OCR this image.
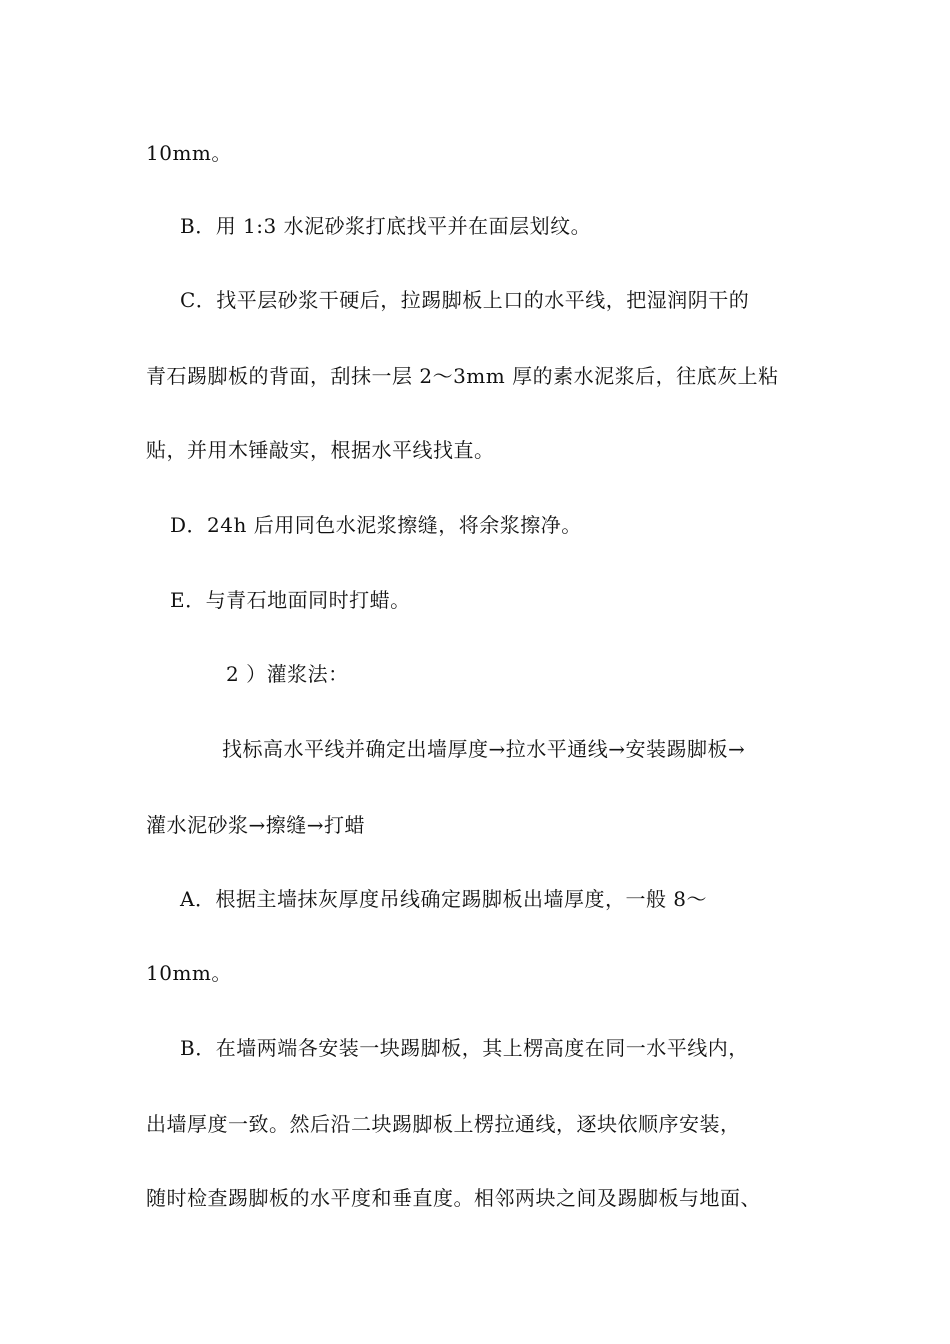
10mm。
B．用 1:3 水泥砂浆打底找平并在面层划纹。
C．找平层砂浆干硬后，拉踢脚板上口的水平线，把湿润阴干的
青石踢脚板的背面，刮抹一层 2～3mm 厚的素水泥浆后，往底灰上粘
贴，并用木锤敲实，根据水平线找直。
D．24h 后用同色水泥浆擦缝，将余浆擦净。
E．与青石地面同时打蜡。
2 ）灌浆法：
找标高水平线并确定出墙厚度→拉水平通线→安装踢脚板→
灌水泥砂浆→擦缝→打蜡
A．根据主墙抹灰厚度吊线确定踢脚板出墙厚度，一般 8～
10mm。
B．在墙两端各安装一块踢脚板，其上楞高度在同一水平线内，
出墙厚度一致。然后沿二块踢脚板上楞拉通线，逐块依顺序安装，
随时检查踢脚板的水平度和垂直度。相邻两块之间及踢脚板与地面、
